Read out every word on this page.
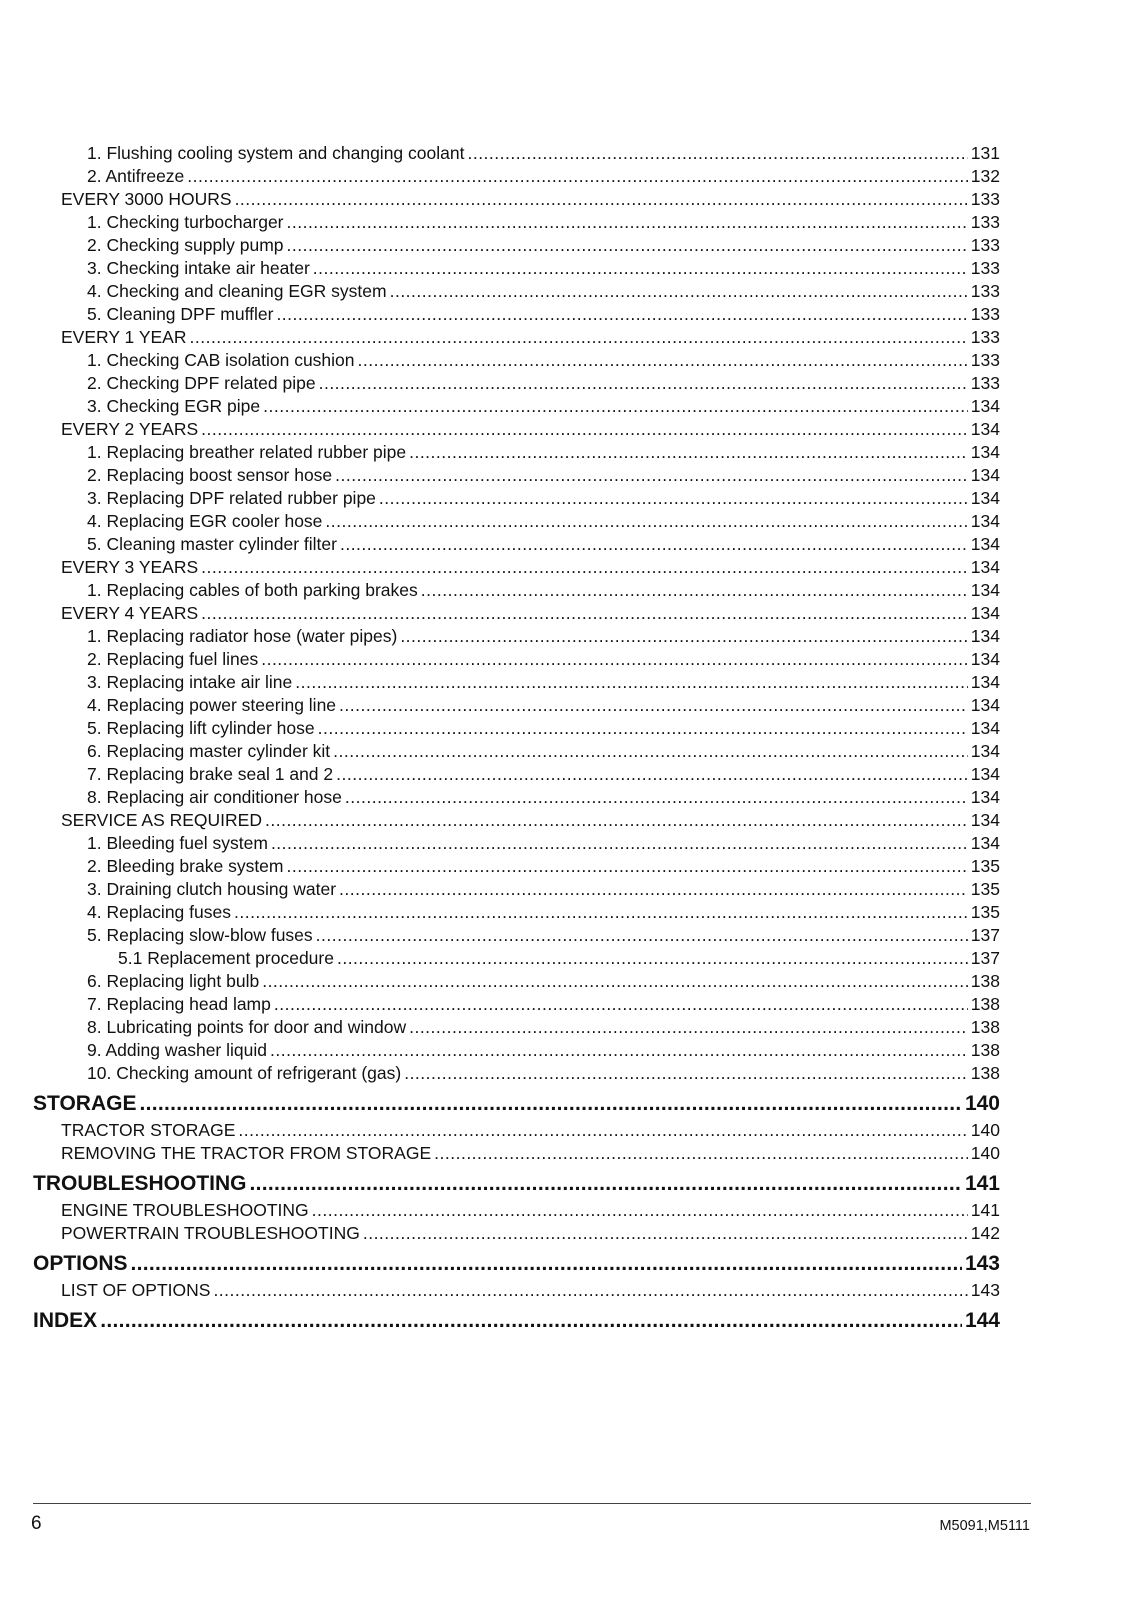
1. Flushing cooling system and changing coolant .....	131
2. Antifreeze .....	132
EVERY 3000 HOURS .....	133
1. Checking turbocharger .....	133
2. Checking supply pump .....	133
3. Checking intake air heater .....	133
4. Checking and cleaning EGR system .....	133
5. Cleaning DPF muffler .....	133
EVERY 1 YEAR .....	133
1. Checking CAB isolation cushion .....	133
2. Checking DPF related pipe .....	133
3. Checking EGR pipe .....	134
EVERY 2 YEARS .....	134
1. Replacing breather related rubber pipe .....	134
2. Replacing boost sensor hose .....	134
3. Replacing DPF related rubber pipe .....	134
4. Replacing EGR cooler hose .....	134
5. Cleaning master cylinder filter .....	134
EVERY 3 YEARS .....	134
1. Replacing cables of both parking brakes .....	134
EVERY 4 YEARS .....	134
1. Replacing radiator hose (water pipes) .....	134
2. Replacing fuel lines .....	134
3. Replacing intake air line .....	134
4. Replacing power steering line .....	134
5. Replacing lift cylinder hose .....	134
6. Replacing master cylinder kit .....	134
7. Replacing brake seal 1 and 2 .....	134
8. Replacing air conditioner hose .....	134
SERVICE AS REQUIRED .....	134
1. Bleeding fuel system .....	134
2. Bleeding brake system .....	135
3. Draining clutch housing water .....	135
4. Replacing fuses .....	135
5. Replacing slow-blow fuses .....	137
5.1 Replacement procedure .....	137
6. Replacing light bulb .....	138
7. Replacing head lamp .....	138
8. Lubricating points for door and window .....	138
9. Adding washer liquid .....	138
10. Checking amount of refrigerant (gas) .....	138
STORAGE .....	140
TRACTOR STORAGE .....	140
REMOVING THE TRACTOR FROM STORAGE .....	140
TROUBLESHOOTING .....	141
ENGINE TROUBLESHOOTING .....	141
POWERTRAIN TROUBLESHOOTING .....	142
OPTIONS .....	143
LIST OF OPTIONS .....	143
INDEX .....	144
6	M5091,M5111
